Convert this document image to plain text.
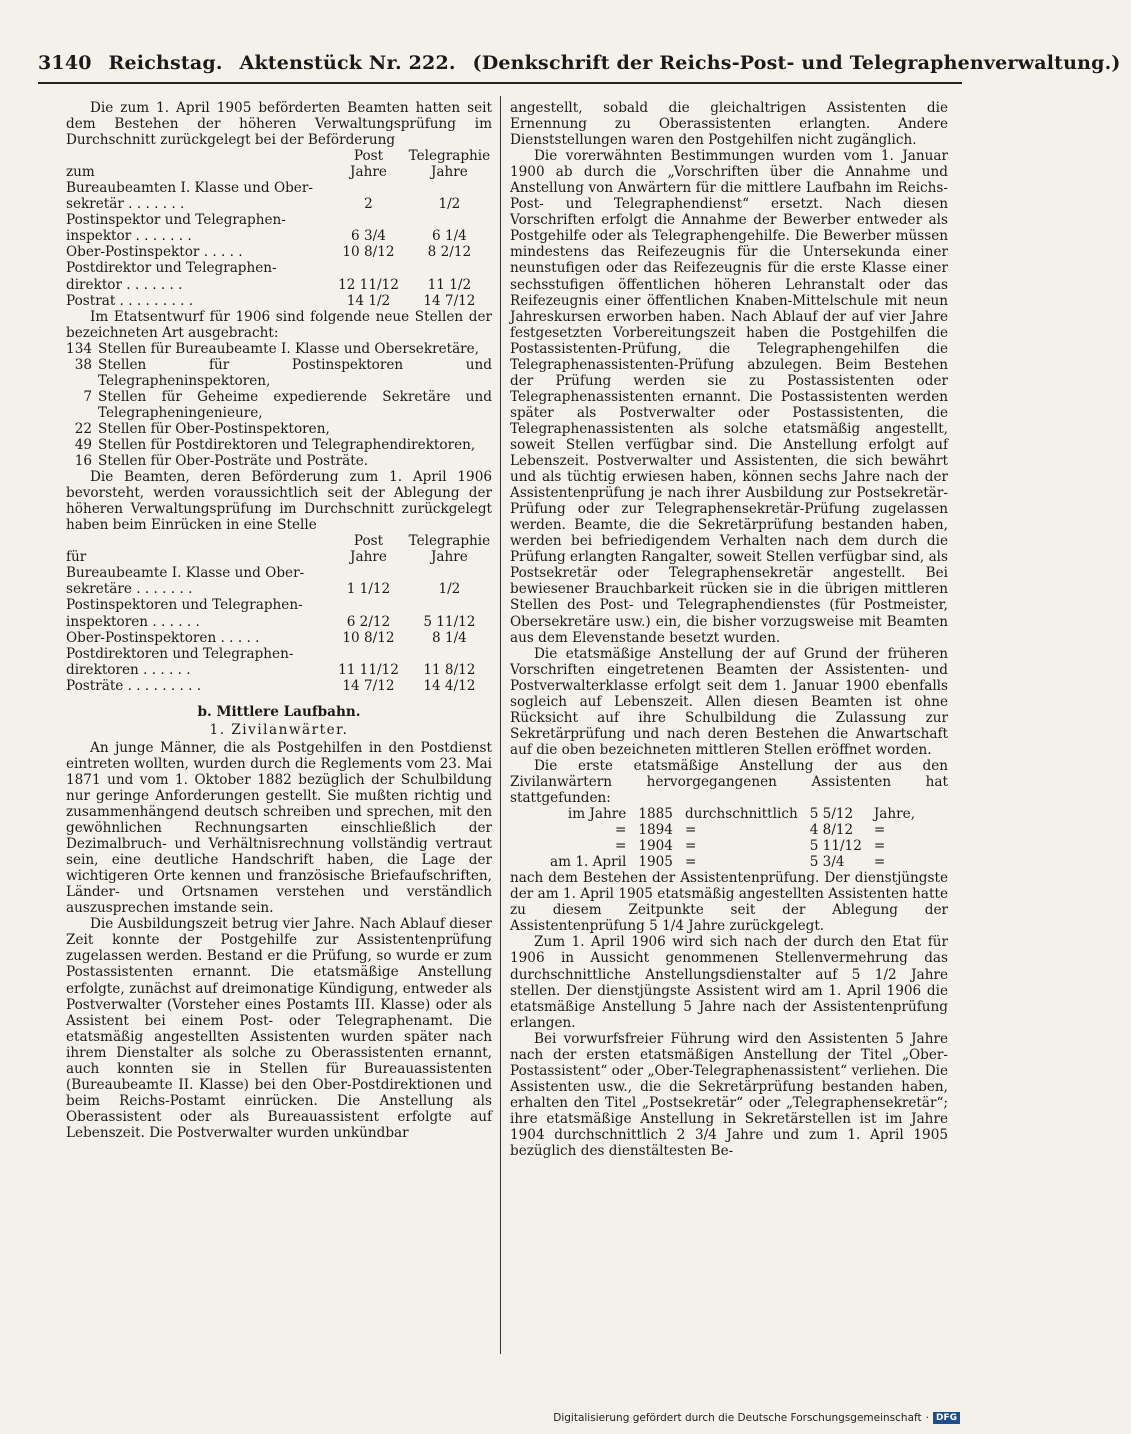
3140 Reichstag. Aktenstück Nr. 222. (Denkschrift der Reichs-Post- und Telegraphenverwaltung.)

Die zum 1. April 1905 beförderten Beamten hatten seit dem Bestehen der höheren Verwaltungsprüfung im Durchschnitt zurückgelegt bei der Beförderung

	Post	Telegraphie
zum	Jahre	Jahre
Bureaubeamten I. Klasse und Ober-		
sekretär . . . . . . .	2	1/2
Postinspektor und Telegraphen-		
inspektor . . . . . . .	6 3/4	6 1/4
Ober-Postinspektor . . . . .	10 8/12	8 2/12
Postdirektor und Telegraphen-		
direktor . . . . . . .	12 11/12	11 1/2
Postrat . . . . . . . . .	14 1/2	14 7/12

Im Etatsentwurf für 1906 sind folgende neue Stellen der bezeichneten Art ausgebracht:

134 Stellen für Bureaubeamte I. Klasse und Obersekretäre,
38 Stellen für Postinspektoren und Telegrapheninspektoren,
7 Stellen für Geheime expedierende Sekretäre und Telegrapheningenieure,
22 Stellen für Ober-Postinspektoren,
49 Stellen für Postdirektoren und Telegraphendirektoren,
16 Stellen für Ober-Posträte und Posträte.

Die Beamten, deren Beförderung zum 1. April 1906 bevorsteht, werden voraussichtlich seit der Ablegung der höheren Verwaltungsprüfung im Durchschnitt zurückgelegt haben beim Einrücken in eine Stelle

	Post	Telegraphie
für	Jahre	Jahre
Bureaubeamte I. Klasse und Ober-		
sekretäre . . . . . . .	1 1/12	1/2
Postinspektoren und Telegraphen-		
inspektoren . . . . . .	6 2/12	5 11/12
Ober-Postinspektoren . . . . .	10 8/12	8 1/4
Postdirektoren und Telegraphen-		
direktoren . . . . . .	11 11/12	11 8/12
Posträte . . . . . . . . .	14 7/12	14 4/12
b. Mittlere Laufbahn.
1. Zivilanwärter.

An junge Männer, die als Postgehilfen in den Postdienst eintreten wollten, wurden durch die Reglements vom 23. Mai 1871 und vom 1. Oktober 1882 bezüglich der Schulbildung nur geringe Anforderungen gestellt. Sie mußten richtig und zusammenhängend deutsch schreiben und sprechen, mit den gewöhnlichen Rechnungsarten einschließlich der Dezimalbruch- und Verhältnisrechnung vollständig vertraut sein, eine deutliche Handschrift haben, die Lage der wichtigeren Orte kennen und französische Briefaufschriften, Länder- und Ortsnamen verstehen und verständlich auszusprechen imstande sein.

Die Ausbildungszeit betrug vier Jahre. Nach Ablauf dieser Zeit konnte der Postgehilfe zur Assistentenprüfung zugelassen werden. Bestand er die Prüfung, so wurde er zum Postassistenten ernannt. Die etatsmäßige Anstellung erfolgte, zunächst auf dreimonatige Kündigung, entweder als Postverwalter (Vorsteher eines Postamts III. Klasse) oder als Assistent bei einem Post- oder Telegraphenamt. Die etatsmäßig angestellten Assistenten wurden später nach ihrem Dienstalter als solche zu Oberassistenten ernannt, auch konnten sie in Stellen für Bureauassistenten (Bureaubeamte II. Klasse) bei den Ober-Postdirektionen und beim Reichs-Postamt einrücken. Die Anstellung als Oberassistent oder als Bureauassistent erfolgte auf Lebenszeit. Die Postverwalter wurden unkündbar

angestellt, sobald die gleichaltrigen Assistenten die Ernennung zu Oberassistenten erlangten. Andere Dienststellungen waren den Postgehilfen nicht zugänglich.

Die vorerwähnten Bestimmungen wurden vom 1. Januar 1900 ab durch die „Vorschriften über die Annahme und Anstellung von Anwärtern für die mittlere Laufbahn im Reichs-Post- und Telegraphendienst“ ersetzt. Nach diesen Vorschriften erfolgt die Annahme der Bewerber entweder als Postgehilfe oder als Telegraphengehilfe. Die Bewerber müssen mindestens das Reifezeugnis für die Untersekunda einer neunstufigen oder das Reifezeugnis für die erste Klasse einer sechsstufigen öffentlichen höheren Lehranstalt oder das Reifezeugnis einer öffentlichen Knaben-Mittelschule mit neun Jahreskursen erworben haben. Nach Ablauf der auf vier Jahre festgesetzten Vorbereitungszeit haben die Postgehilfen die Postassistenten-Prüfung, die Telegraphengehilfen die Telegraphenassistenten-Prüfung abzulegen. Beim Bestehen der Prüfung werden sie zu Postassistenten oder Telegraphenassistenten ernannt. Die Postassistenten werden später als Postverwalter oder Postassistenten, die Telegraphenassistenten als solche etatsmäßig angestellt, soweit Stellen verfügbar sind. Die Anstellung erfolgt auf Lebenszeit. Postverwalter und Assistenten, die sich bewährt und als tüchtig erwiesen haben, können sechs Jahre nach der Assistentenprüfung je nach ihrer Ausbildung zur Postsekretär-Prüfung oder zur Telegraphensekretär-Prüfung zugelassen werden. Beamte, die die Sekretärprüfung bestanden haben, werden bei befriedigendem Verhalten nach dem durch die Prüfung erlangten Rangalter, soweit Stellen verfügbar sind, als Postsekretär oder Telegraphensekretär angestellt. Bei bewiesener Brauchbarkeit rücken sie in die übrigen mittleren Stellen des Post- und Telegraphendienstes (für Postmeister, Obersekretäre usw.) ein, die bisher vorzugsweise mit Beamten aus dem Elevenstande besetzt wurden.

Die etatsmäßige Anstellung der auf Grund der früheren Vorschriften eingetretenen Beamten der Assistenten- und Postverwalterklasse erfolgt seit dem 1. Januar 1900 ebenfalls sogleich auf Lebenszeit. Allen diesen Beamten ist ohne Rücksicht auf ihre Schulbildung die Zulassung zur Sekretärprüfung und nach deren Bestehen die Anwartschaft auf die oben bezeichneten mittleren Stellen eröffnet worden.

Die erste etatsmäßige Anstellung der aus den Zivilanwärtern hervorgegangenen Assistenten hat stattgefunden:

im Jahre	1885	durchschnittlich	5 5/12	Jahre,
=	1894	=	4 8/12	=
=	1904	=	5 11/12	=
am 1. April	1905	=	5 3/4	=

nach dem Bestehen der Assistentenprüfung. Der dienstjüngste der am 1. April 1905 etatsmäßig angestellten Assistenten hatte zu diesem Zeitpunkte seit der Ablegung der Assistentenprüfung 5 1/4 Jahre zurückgelegt.

Zum 1. April 1906 wird sich nach der durch den Etat für 1906 in Aussicht genommenen Stellenvermehrung das durchschnittliche Anstellungsdienstalter auf 5 1/2 Jahre stellen. Der dienstjüngste Assistent wird am 1. April 1906 die etatsmäßige Anstellung 5 Jahre nach der Assistentenprüfung erlangen.

Bei vorwurfsfreier Führung wird den Assistenten 5 Jahre nach der ersten etatsmäßigen Anstellung der Titel „Ober-Postassistent“ oder „Ober-Telegraphenassistent“ verliehen. Die Assistenten usw., die die Sekretärprüfung bestanden haben, erhalten den Titel „Postsekretär“ oder „Telegraphensekretär“; ihre etatsmäßige Anstellung in Sekretärstellen ist im Jahre 1904 durchschnittlich 2 3/4 Jahre und zum 1. April 1905 bezüglich des dienstältesten Be-

Digitalisierung gefördert durch die Deutsche Forschungsgemeinschaft · DFG
